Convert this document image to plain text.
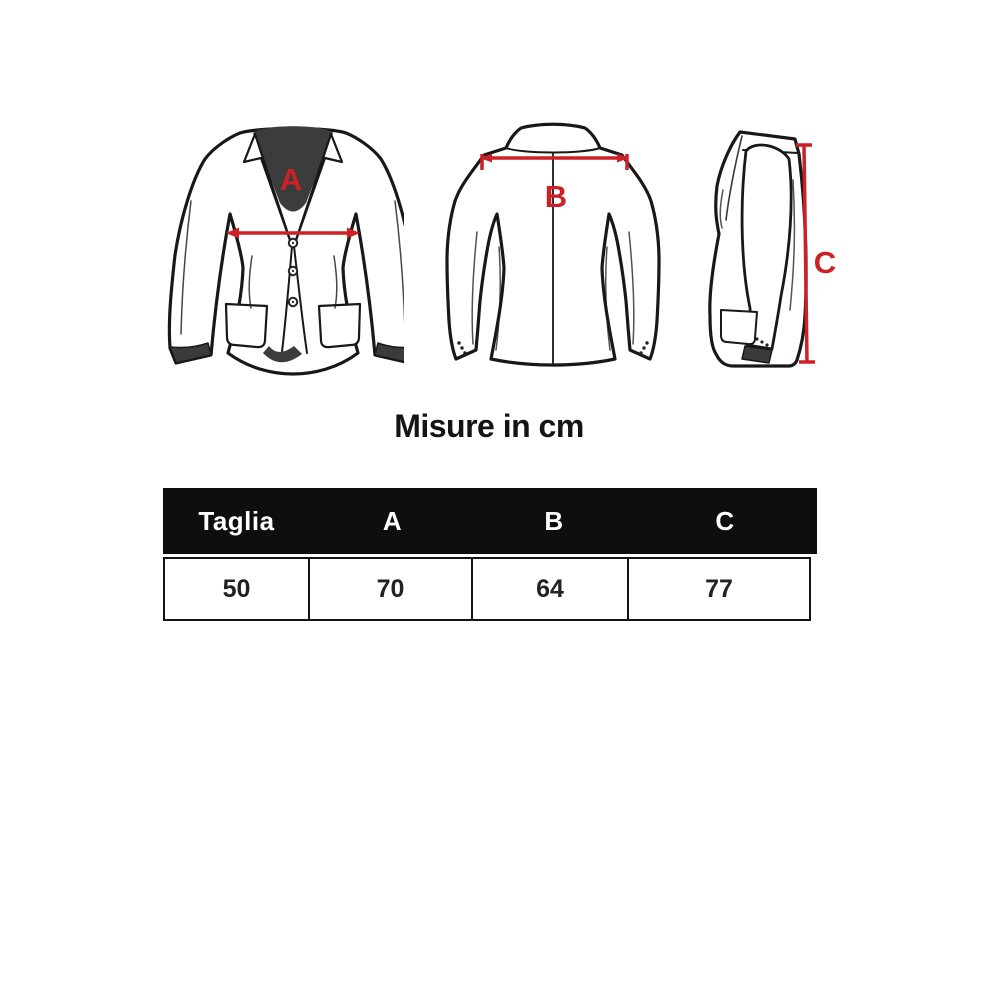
A	B
C
Misure in cm
Taglia	A	B	C
50	70	64	77
